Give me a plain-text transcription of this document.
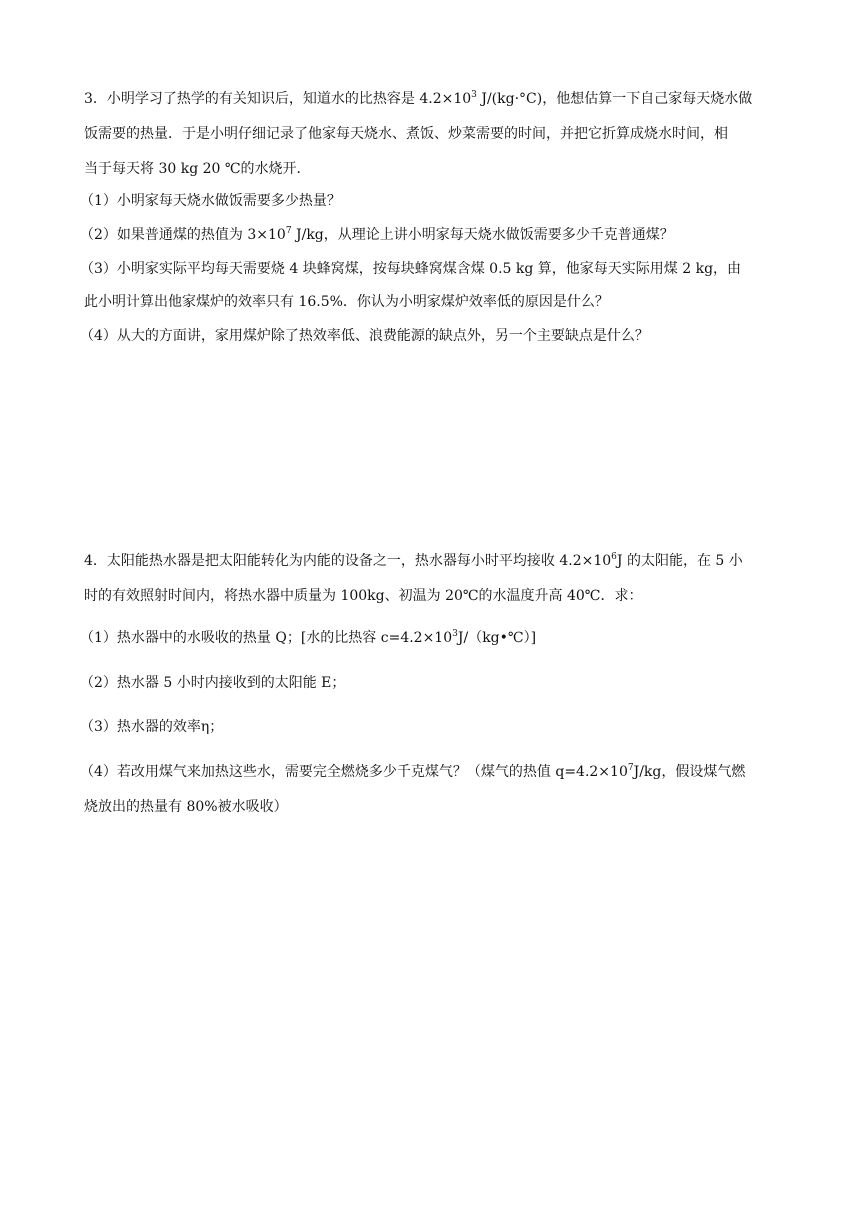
3．小明学习了热学的有关知识后，知道水的比热容是 $4.2\times 10^3$ J/(kg·°C)，他想估算一下自己家每天烧水做
饭需要的热量．于是小明仔细记录了他家每天烧水、煮饭、炒菜需要的时间，并把它折算成烧水时间，相
当于每天将 30 kg 20 ℃的水烧开．
（1）小明家每天烧水做饭需要多少热量？
（2）如果普通煤的热值为 $3\times 10^7$ J/kg，从理论上讲小明家每天烧水做饭需要多少千克普通煤？
（3）小明家实际平均每天需要烧 4 块蜂窝煤，按每块蜂窝煤含煤 0.5 kg 算，他家每天实际用煤 2 kg，由
此小明计算出他家煤炉的效率只有 16.5%．你认为小明家煤炉效率低的原因是什么？
（4）从大的方面讲，家用煤炉除了热效率低、浪费能源的缺点外，另一个主要缺点是什么？
4．太阳能热水器是把太阳能转化为内能的设备之一，热水器每小时平均接收 $4.2\times 10^6J$ 的太阳能，在 5 小
时的有效照射时间内，将热水器中质量为 100kg、初温为 20℃的水温度升高 40℃．求：
（1）热水器中的水吸收的热量 Q；[水的比热容 $c=4.2\times 10^3J/(kg•℃)$]
（2）热水器 5 小时内接收到的太阳能 E；
（3）热水器的效率η；
（4）若改用煤气来加热这些水，需要完全燃烧多少千克煤气？（煤气的热值 $q=4.2\times 10^7J/kg$，假设煤气燃
烧放出的热量有 80%被水吸收）
